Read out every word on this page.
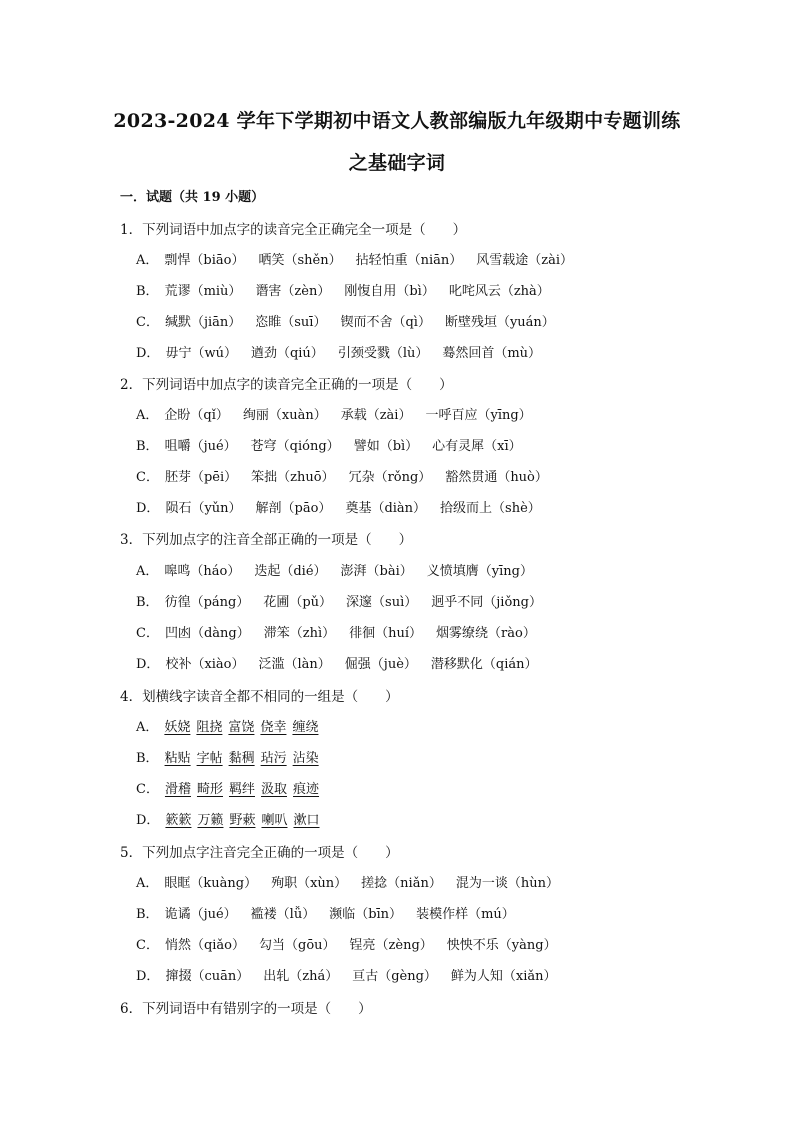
2023-2024 学年下学期初中语文人教部编版九年级期中专题训练
之基础字词
一．试题（共 19 小题）
1．下列词语中加点字的读音完全正确完全一项是（　　）
A． 剽悍（biāo） 哂笑（shěn） 拈轻怕重（niān） 风雪载途（zài）
B． 荒谬（miù） 谮害（zèn） 刚愎自用（bì） 叱咤风云（zhà）
C． 缄默（jiān） 恣睢（suī） 锲而不舍（qì） 断壁残垣（yuán）
D． 毋宁（wú） 遒劲（qiú） 引颈受戮（lù） 蓦然回首（mù）
2．下列词语中加点字的读音完全正确的一项是（　　）
A． 企盼（qǐ） 绚丽（xuàn） 承载（zài） 一呼百应（yīng）
B． 咀嚼（jué） 苍穹（qióng） 譬如（bì） 心有灵犀（xī）
C． 胚芽（pēi） 笨拙（zhuō） 冗杂（rǒng） 豁然贯通（huò）
D． 陨石（yǔn） 解剖（pāo） 奠基（diàn） 拾级而上（shè）
3．下列加点字的注音全部正确的一项是（　　）
A． 嗥鸣（háo） 迭起（dié） 澎湃（bài） 义愤填膺（yīng）
B． 彷徨（páng） 花圃（pǔ） 深邃（suì） 迥乎不同（jiǒng）
C． 凹凼（dàng） 滞笨（zhì） 徘徊（huí） 烟雾缭绕（rào）
D． 校补（xiào） 泛滥（làn） 倔强（juè） 潜移默化（qián）
4．划横线字读音全都不相同的一组是（　　）
A． 妖娆 阻挠 富饶 侥幸 缠绕
B． 粘贴 字帖 黏稠 玷污 沾染
C． 滑稽 畸形 羁绊 汲取 痕迹
D． 簌簌 万籁 野蔌 喇叭 漱口
5．下列加点字注音完全正确的一项是（　　）
A． 眼眶（kuàng） 殉职（xùn） 搓捻（niǎn） 混为一谈（hùn）
B． 诡谲（jué） 褴褛（lǚ） 濒临（bīn） 装模作样（mú）
C． 悄然（qiǎo） 勾当（gōu） 锃亮（zèng） 怏怏不乐（yàng）
D． 撺掇（cuān） 出轧（zhá） 亘古（gèng） 鲜为人知（xiǎn）
6．下列词语中有错别字的一项是（　　）
